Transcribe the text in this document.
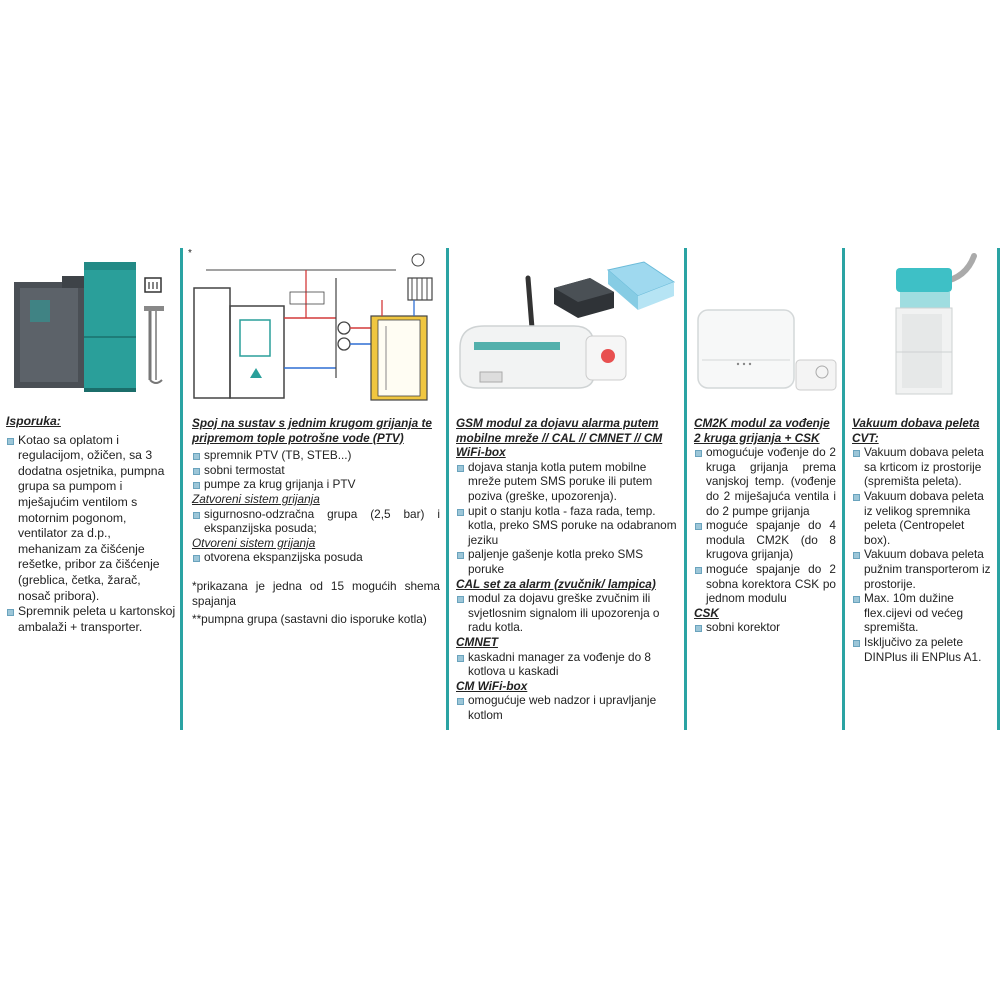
Isporuka:
Kotao sa oplatom i regulacijom, ožičen, sa 3 dodatna osjetnika, pumpna grupa sa pumpom i mješajućim ventilom s motornim pogonom, ventilator za d.p., mehanizam za čišćenje rešetke, pribor za čišćenje (greblica, četka, žarač, nosač pribora).
Spremnik peleta u kartonskoj ambalaži + transporter.
Spoj na sustav s jednim krugom grijanja te pripremom tople potrošne vode (PTV)
spremnik PTV (TB, STEB...)
sobni termostat
pumpe za krug grijanja i PTV
Zatvoreni sistem grijanja
sigurnosno-odzračna grupa (2,5 bar) i ekspanzijska posuda;
Otvoreni sistem grijanja
otvorena ekspanzijska posuda
*prikazana je jedna od 15 mogućih shema spajanja
**pumpna grupa (sastavni dio isporuke kotla)
*
GSM modul za dojavu alarma putem mobilne mreže // CAL // CMNET // CM WiFi-box
dojava stanja kotla putem mobilne mreže putem SMS poruke ili putem poziva (greške, upozorenja).
upit o stanju kotla - faza rada, temp. kotla, preko SMS poruke na odabranom jeziku
paljenje gašenje kotla preko SMS poruke
CAL set za alarm (zvučnik/ lampica)
modul za dojavu greške zvučnim ili svjetlosnim signalom ili upozorenja o radu kotla.
CMNET
kaskadni manager za vođenje do 8 kotlova u kaskadi
CM WiFi-box
omogućuje web nadzor i upravljanje kotlom
CM2K modul za vođenje 2 kruga grijanja + CSK
omogućuje vođenje do 2 kruga grijanja prema vanjskoj temp. (vođenje do 2 miješajuća ventila i do 2 pumpe grijanja
moguće spajanje do 4 modula CM2K (do 8 krugova grijanja)
moguće spajanje do 2 sobna korektora CSK po jednom modulu
CSK
sobni korektor
Vakuum dobava peleta CVT:
Vakuum dobava peleta sa krticom iz prostorije (spremišta peleta).
Vakuum dobava peleta iz velikog spremnika peleta (Centropelet box).
Vakuum dobava peleta pužnim transporterom iz prostorije.
Max. 10m dužine flex.cijevi od većeg spremišta.
Isključivo za pelete DINPlus ili ENPlus A1.
